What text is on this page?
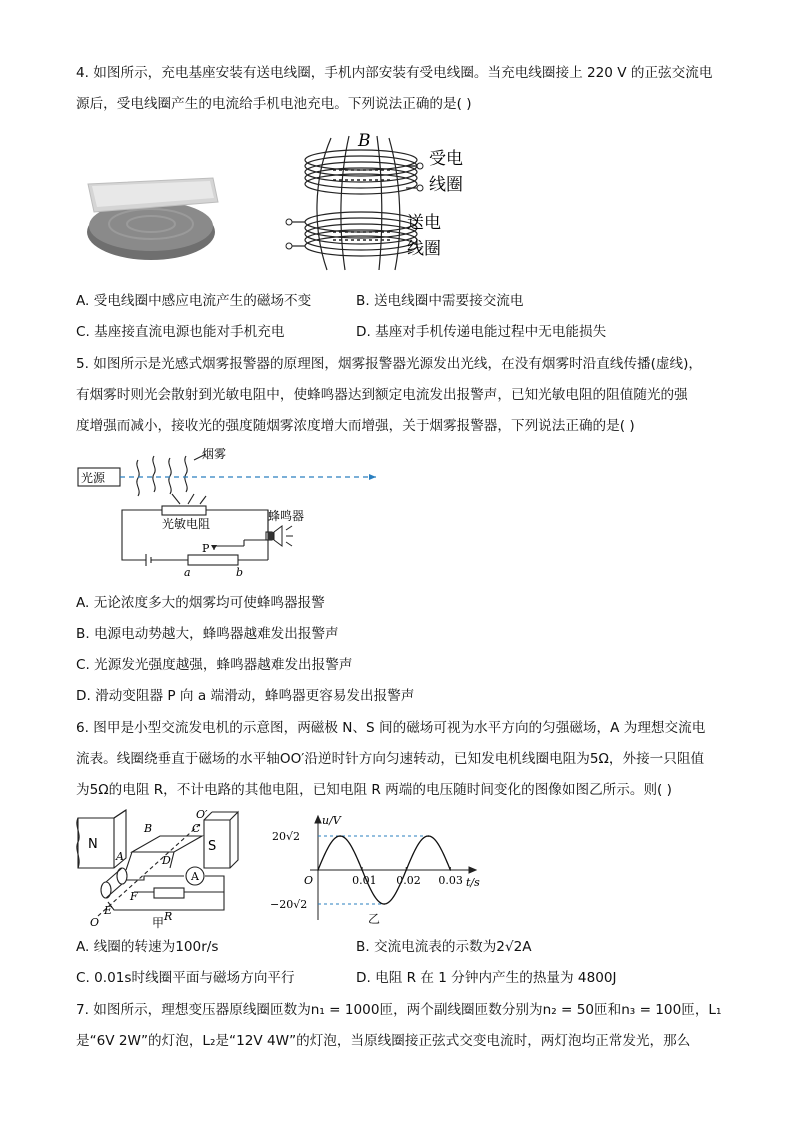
4. 如图所示，充电基座安装有送电线圈，手机内部安装有受电线圈。当充电线圈接上 220 V 的正弦交流电
源后，受电线圈产生的电流给手机电池充电。下列说法正确的是( )
B
受电
线圈
送电
线圈
A. 受电线圈中感应电流产生的磁场不变	B. 送电线圈中需要接交流电
C. 基座接直流电源也能对手机充电	D. 基座对手机传递电能过程中无电能损失
5. 如图所示是光感式烟雾报警器的原理图，烟雾报警器光源发出光线，在没有烟雾时沿直线传播(虚线)，
有烟雾时则光会散射到光敏电阻中，使蜂鸣器达到额定电流发出报警声，已知光敏电阻的阻值随光的强
度增强而减小，接收光的强度随烟雾浓度增大而增强，关于烟雾报警器，下列说法正确的是( )
光源
烟雾
光敏电阻
蜂鸣器
P
a	b
A. 无论浓度多大的烟雾均可使蜂鸣器报警
B. 电源电动势越大，蜂鸣器越难发出报警声
C. 光源发光强度越强，蜂鸣器越难发出报警声
D. 滑动变阻器 P 向 a 端滑动，蜂鸣器更容易发出报警声
6. 图甲是小型交流发电机的示意图，两磁极 N、S 间的磁场可视为水平方向的匀强磁场，A 为理想交流电
流表。线圈绕垂直于磁场的水平轴OO′沿逆时针方向匀速转动，已知发电机线圈电阻为5Ω，外接一只阻值
为5Ω的电阻 R，不计电路的其他电阻，已知电阻 R 两端的电压随时间变化的图像如图乙所示。则( )
A
N	S
O′
O
B	C
A	D
E
F
R
甲
u/V
t/s
O
20√2
−20√2
0.01 0.02 0.03
乙
A. 线圈的转速为100r/s	B. 交流电流表的示数为2√2A
C. 0.01s时线圈平面与磁场方向平行	D. 电阻 R 在 1 分钟内产生的热量为 4800J
7. 如图所示，理想变压器原线圈匝数为n₁ = 1000匝，两个副线圈匝数分别为n₂ = 50匝和n₃ = 100匝，L₁
是“6V 2W”的灯泡，L₂是“12V 4W”的灯泡，当原线圈接正弦式交变电流时，两灯泡均正常发光，那么
